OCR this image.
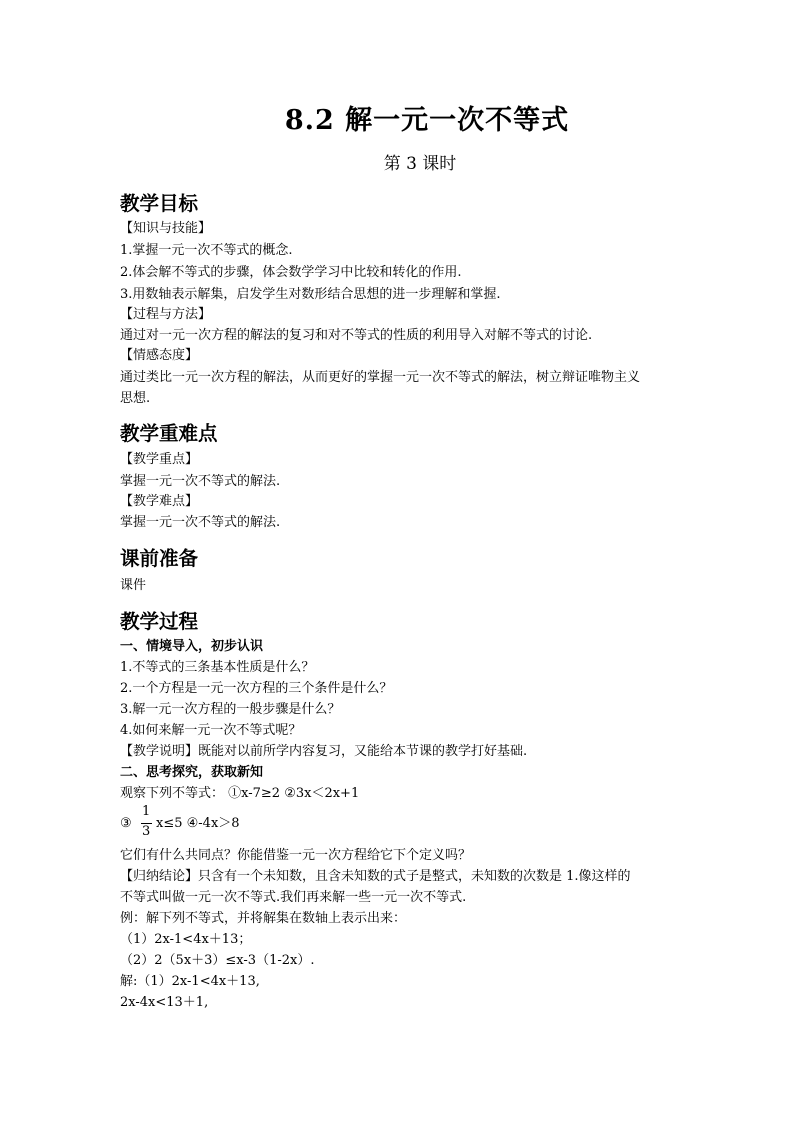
8.2 解一元一次不等式
第 3 课时
教学目标
【知识与技能】
1.掌握一元一次不等式的概念.
2.体会解不等式的步骤，体会数学学习中比较和转化的作用.
3.用数轴表示解集，启发学生对数形结合思想的进一步理解和掌握.
【过程与方法】
通过对一元一次方程的解法的复习和对不等式的性质的利用导入对解不等式的讨论.
【情感态度】
通过类比一元一次方程的解法，从而更好的掌握一元一次不等式的解法，树立辩证唯物主义
思想.
教学重难点
【教学重点】
掌握一元一次不等式的解法.
【教学难点】
掌握一元一次不等式的解法.
课前准备
课件
教学过程
一、情境导入，初步认识
1.不等式的三条基本性质是什么？
2.一个方程是一元一次方程的三个条件是什么？
3.解一元一次方程的一般步骤是什么？
4.如何来解一元一次不等式呢？
【教学说明】既能对以前所学内容复习，又能给本节课的教学打好基础.
二、思考探究，获取新知
观察下列不等式： ①x-7≥2 ②3x＜2x+1
③
1
3
x≤5 ④-4x＞8
它们有什么共同点？你能借鉴一元一次方程给它下个定义吗？
【归纳结论】只含有一个未知数，且含未知数的式子是整式，未知数的次数是 1.像这样的
不等式叫做一元一次不等式.我们再来解一些一元一次不等式.
例：解下列不等式，并将解集在数轴上表示出来：
（1）2x-1<4x＋13；
（2）2（5x＋3）≤x-3（1-2x）.
解:（1）2x-1<4x＋13,
2x-4x<13＋1,
